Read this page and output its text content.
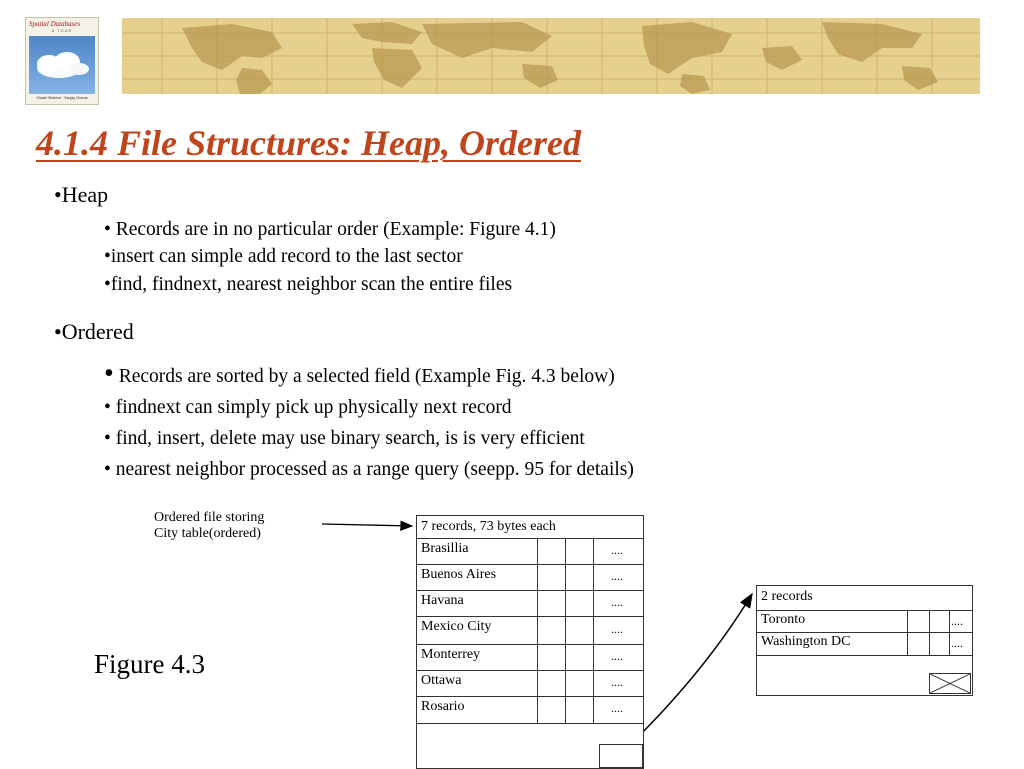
Spatial Databases
A TOUR
Shashi Shekhar · Sanjay Chawla
4.1.4 File Structures: Heap, Ordered
•Heap
• Records are in no particular order (Example: Figure 4.1)
•insert can simple add record to the last sector
•find, findnext, nearest neighbor scan the entire files
•Ordered
• Records are sorted by a selected field (Example Fig. 4.3 below)
• findnext can simply pick up physically next record
• find, insert, delete may use binary search, is is very efficient
• nearest neighbor processed as a range query (seepp. 95 for details)
Ordered file storing
City table(ordered)
Figure 4.3
7 records, 73 bytes each
Brasillia	....
Buenos Aires	....
Havana	....
Mexico City	....
Monterrey	....
Ottawa	....
Rosario	....
2 records
Toronto	....
Washington DC	....
